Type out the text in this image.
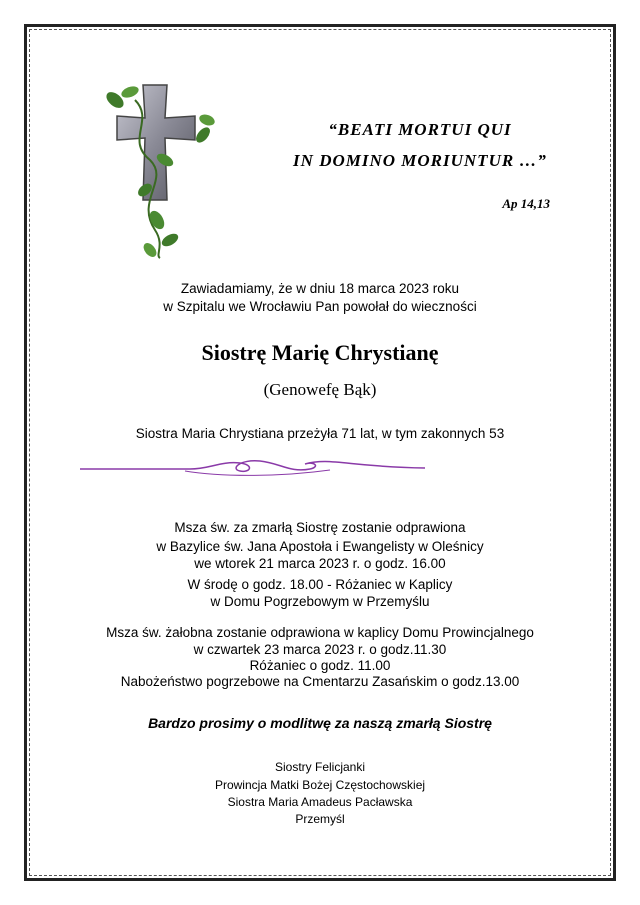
“BEATI MORTUI QUI
IN DOMINO MORIUNTUR …”
Ap 14,13
Zawiadamiamy, że w dniu 18 marca 2023 roku
w Szpitalu we Wrocławiu Pan powołał do wieczności
Siostrę Marię Chrystianę
(Genowefę Bąk)
Siostra Maria Chrystiana przeżyła 71 lat, w tym zakonnych 53
Msza św. za zmarłą Siostrę zostanie odprawiona
w Bazylice św. Jana Apostoła i Ewangelisty w Oleśnicy
we wtorek 21 marca 2023 r. o godz. 16.00
W środę o godz. 18.00 - Różaniec w Kaplicy
w Domu Pogrzebowym w Przemyślu
Msza św. żałobna zostanie odprawiona w kaplicy Domu Prowincjalnego
w czwartek 23 marca 2023 r. o godz.11.30
Różaniec o godz. 11.00
Nabożeństwo pogrzebowe na Cmentarzu Zasańskim o godz.13.00
Bardzo prosimy o modlitwę za naszą zmarłą Siostrę
Siostry Felicjanki
Prowincja Matki Bożej Częstochowskiej
Siostra Maria Amadeus Pacławska
Przemyśl
